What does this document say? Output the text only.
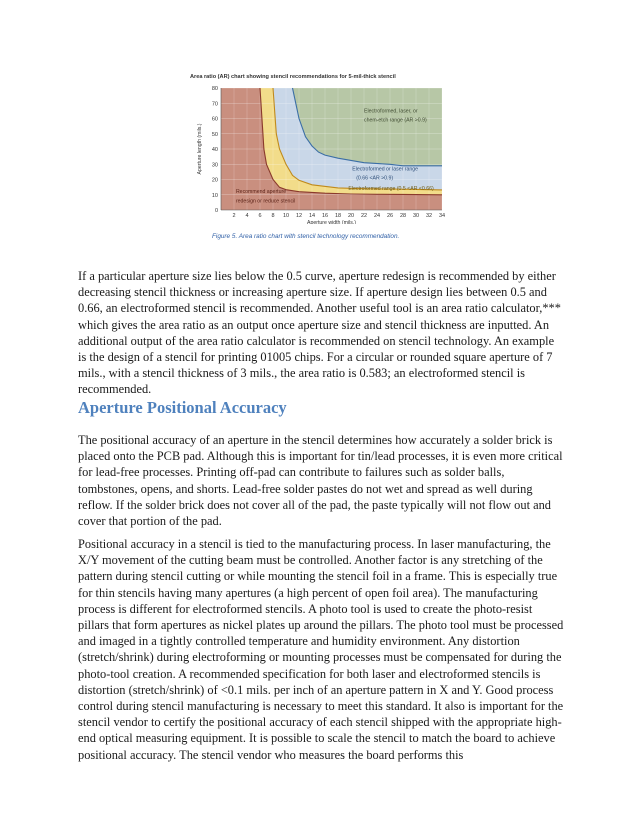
Area ratio (AR) chart showing stencil recommendations for 5-mil-thick stencil
0
10
20
30
40
50
60
70
80
2 4 6 8 10 12 14 16 18 20 22 24 26 28 30 32 34
Aperture width (mils.)
Aperture length (mils.)
Electroformed, laser, or
chem-etch range (AR >0.9)
Electroformed or laser range
(0.66 <AR >0.9)
Electroformed range (0.5 <AR <0.66)
Recommend aperture
redesign or reduce stencil
Figure 5. Area ratio chart with stencil technology recommendation.

If a particular aperture size lies below the 0.5 curve, aperture redesign is recommended by either decreasing stencil thickness or increasing aperture size. If aperture design lies between 0.5 and 0.66, an electroformed stencil is recommended. Another useful tool is an area ratio calculator,*** which gives the area ratio as an output once aperture size and stencil thickness are inputted. An additional output of the area ratio calculator is recommended on stencil technology. An example is the design of a stencil for printing 01005 chips. For a circular or rounded square aperture of 7 mils., with a stencil thickness of 3 mils., the area ratio is 0.583; an electroformed stencil is recommended.

Aperture Positional Accuracy

The positional accuracy of an aperture in the stencil determines how accurately a solder brick is placed onto the PCB pad. Although this is important for tin/lead processes, it is even more critical for lead-free processes. Printing off-pad can contribute to failures such as solder balls, tombstones, opens, and shorts. Lead-free solder pastes do not wet and spread as well during reflow. If the solder brick does not cover all of the pad, the paste typically will not flow out and cover that portion of the pad.

Positional accuracy in a stencil is tied to the manufacturing process. In laser manufacturing, the X/Y movement of the cutting beam must be controlled. Another factor is any stretching of the pattern during stencil cutting or while mounting the stencil foil in a frame. This is especially true for thin stencils having many apertures (a high percent of open foil area). The manufacturing process is different for electroformed stencils. A photo tool is used to create the photo-resist pillars that form apertures as nickel plates up around the pillars. The photo tool must be processed and imaged in a tightly controlled temperature and humidity environment. Any distortion (stretch/shrink) during electroforming or mounting processes must be compensated for during the photo-tool creation. A recommended specification for both laser and electroformed stencils is distortion (stretch/shrink) of <0.1 mils. per inch of an aperture pattern in X and Y. Good process control during stencil manufacturing is necessary to meet this standard. It also is important for the stencil vendor to certify the positional accuracy of each stencil shipped with the appropriate high-end optical measuring equipment. It is possible to scale the stencil to match the board to achieve positional accuracy. The stencil vendor who measures the board performs this
